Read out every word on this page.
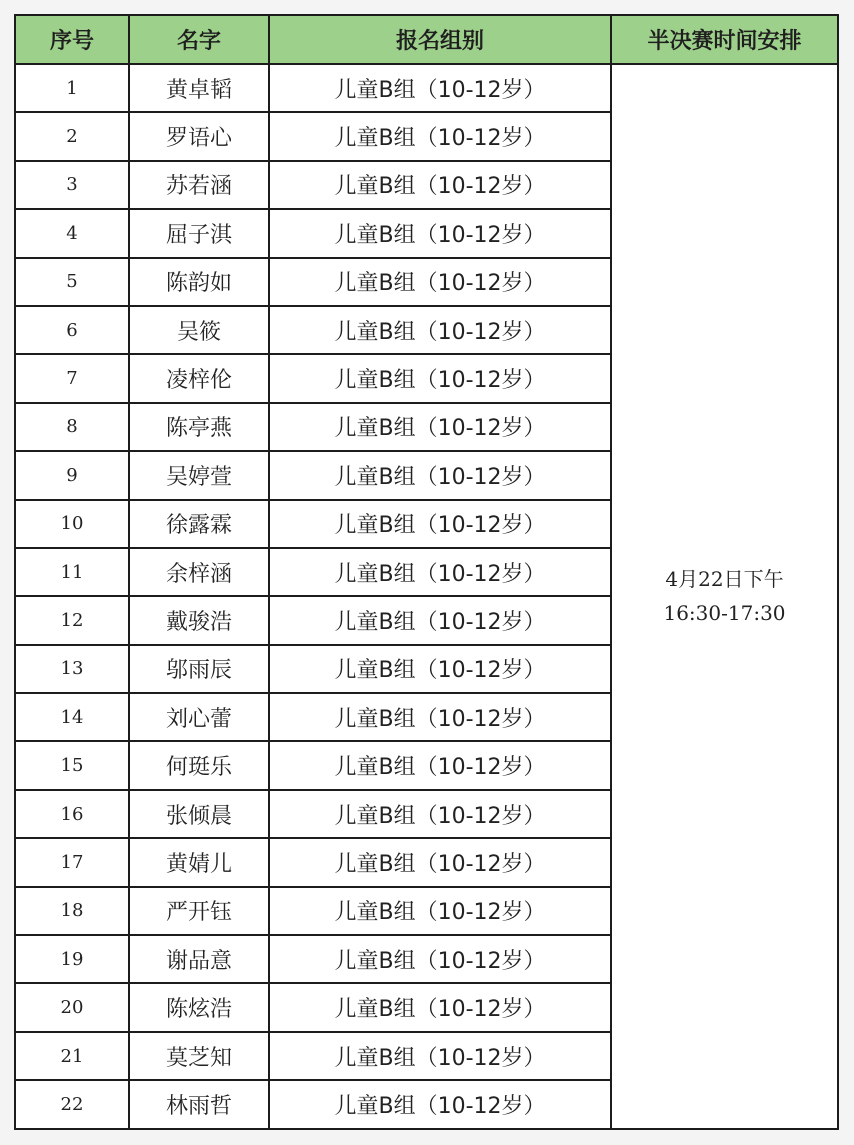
序号	名字	报名组别	半决赛时间安排
1	黄卓韬	儿童B组（10-12岁）	4月22日下午
16:30-17:30

2	罗语心	儿童B组（10-12岁）	
3	苏若涵	儿童B组（10-12岁）	
4	屈子淇	儿童B组（10-12岁）	
5	陈韵如	儿童B组（10-12岁）	
6	吴筱	儿童B组（10-12岁）	
7	凌梓伦	儿童B组（10-12岁）	
8	陈亭燕	儿童B组（10-12岁）	
9	吴婷萱	儿童B组（10-12岁）	
10	徐露霖	儿童B组（10-12岁）	
11	余梓涵	儿童B组（10-12岁）	
12	戴骏浩	儿童B组（10-12岁）	
13	邬雨辰	儿童B组（10-12岁）	
14	刘心蕾	儿童B组（10-12岁）	
15	何珽乐	儿童B组（10-12岁）	
16	张倾晨	儿童B组（10-12岁）	
17	黄婧儿	儿童B组（10-12岁）	
18	严开钰	儿童B组（10-12岁）	
19	谢品意	儿童B组（10-12岁）	
20	陈炫浩	儿童B组（10-12岁）	
21	莫芝知	儿童B组（10-12岁）	
22	林雨哲	儿童B组（10-12岁）	
